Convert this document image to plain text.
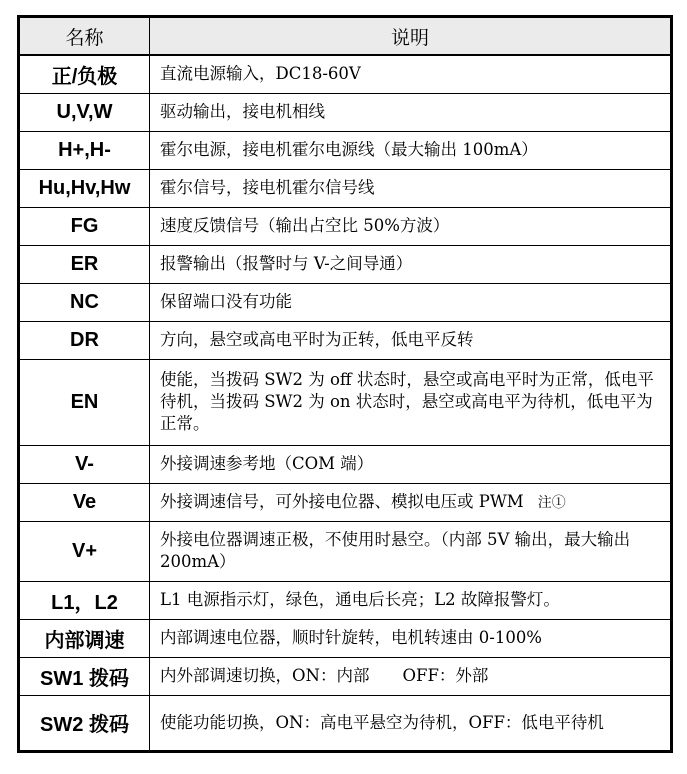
名称	说明
正/负极	直流电源输入，DC18-60V
U,V,W	驱动输出，接电机相线
H+,H-	霍尔电源，接电机霍尔电源线（最大输出 100mA）
Hu,Hv,Hw	霍尔信号，接电机霍尔信号线
FG	速度反馈信号（输出占空比 50%方波）
ER	报警输出（报警时与 V-之间导通）
NC	保留端口没有功能
DR	方向，悬空或高电平时为正转，低电平反转
EN	使能，当拨码 SW2 为 off 状态时，悬空或高电平时为正常，低电平待机，当拨码 SW2 为 on 状态时，悬空或高电平为待机，低电平为正常。
V-	外接调速参考地（COM 端）
Ve	外接调速信号，可外接电位器、模拟电压或 PWM 注①
V+	外接电位器调速正极，不使用时悬空。（内部 5V 输出，最大输出 200mA）
L1，L2	L1 电源指示灯，绿色，通电后长亮；L2 故障报警灯。
内部调速	内部调速电位器，顺时针旋转，电机转速由 0-100%
SW1 拨码	内外部调速切换，ON：内部　　OFF：外部
SW2 拨码	使能功能切换，ON：高电平悬空为待机，OFF：低电平待机
